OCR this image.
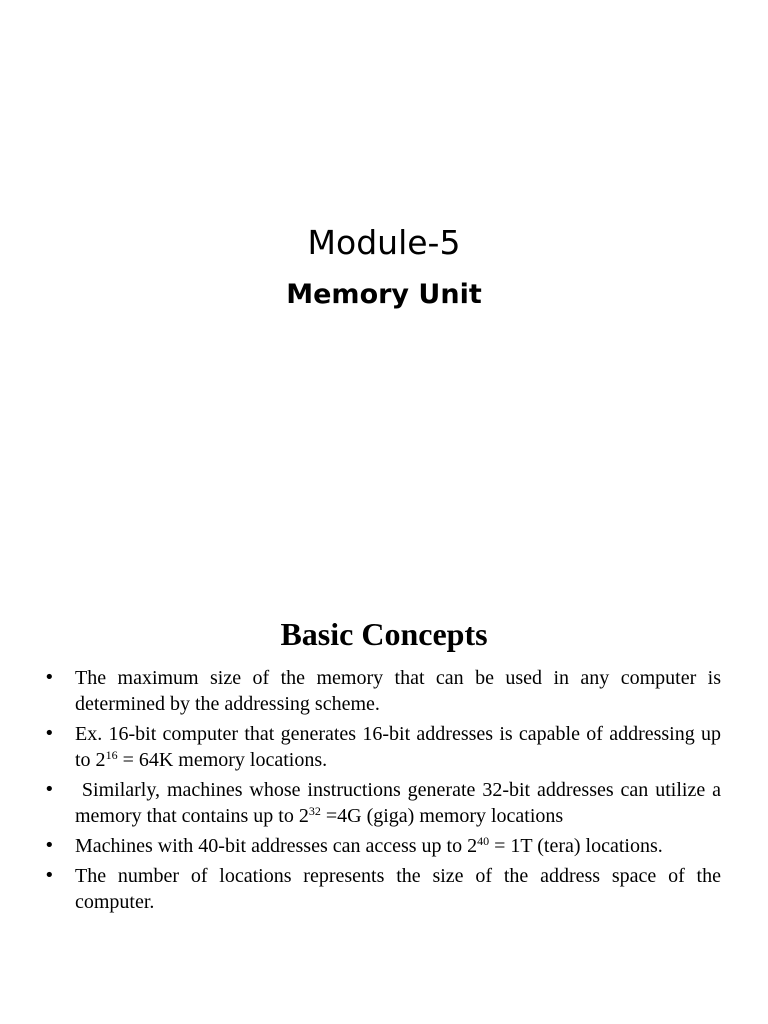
Module-5
Memory Unit
Basic Concepts
• The maximum size of the memory that can be used in any computer is determined by the addressing scheme.
• Ex. 16-bit computer that generates 16-bit addresses is capable of addressing up to $2^{16} = 64K$ memory locations.
• Similarly, machines whose instructions generate 32-bit addresses can utilize a memory that contains up to $2^{32} =4G$ (giga) memory locations
• Machines with 40-bit addresses can access up to $2^{40} = 1T$ (tera) locations.
• The number of locations represents the size of the address space of the computer.
